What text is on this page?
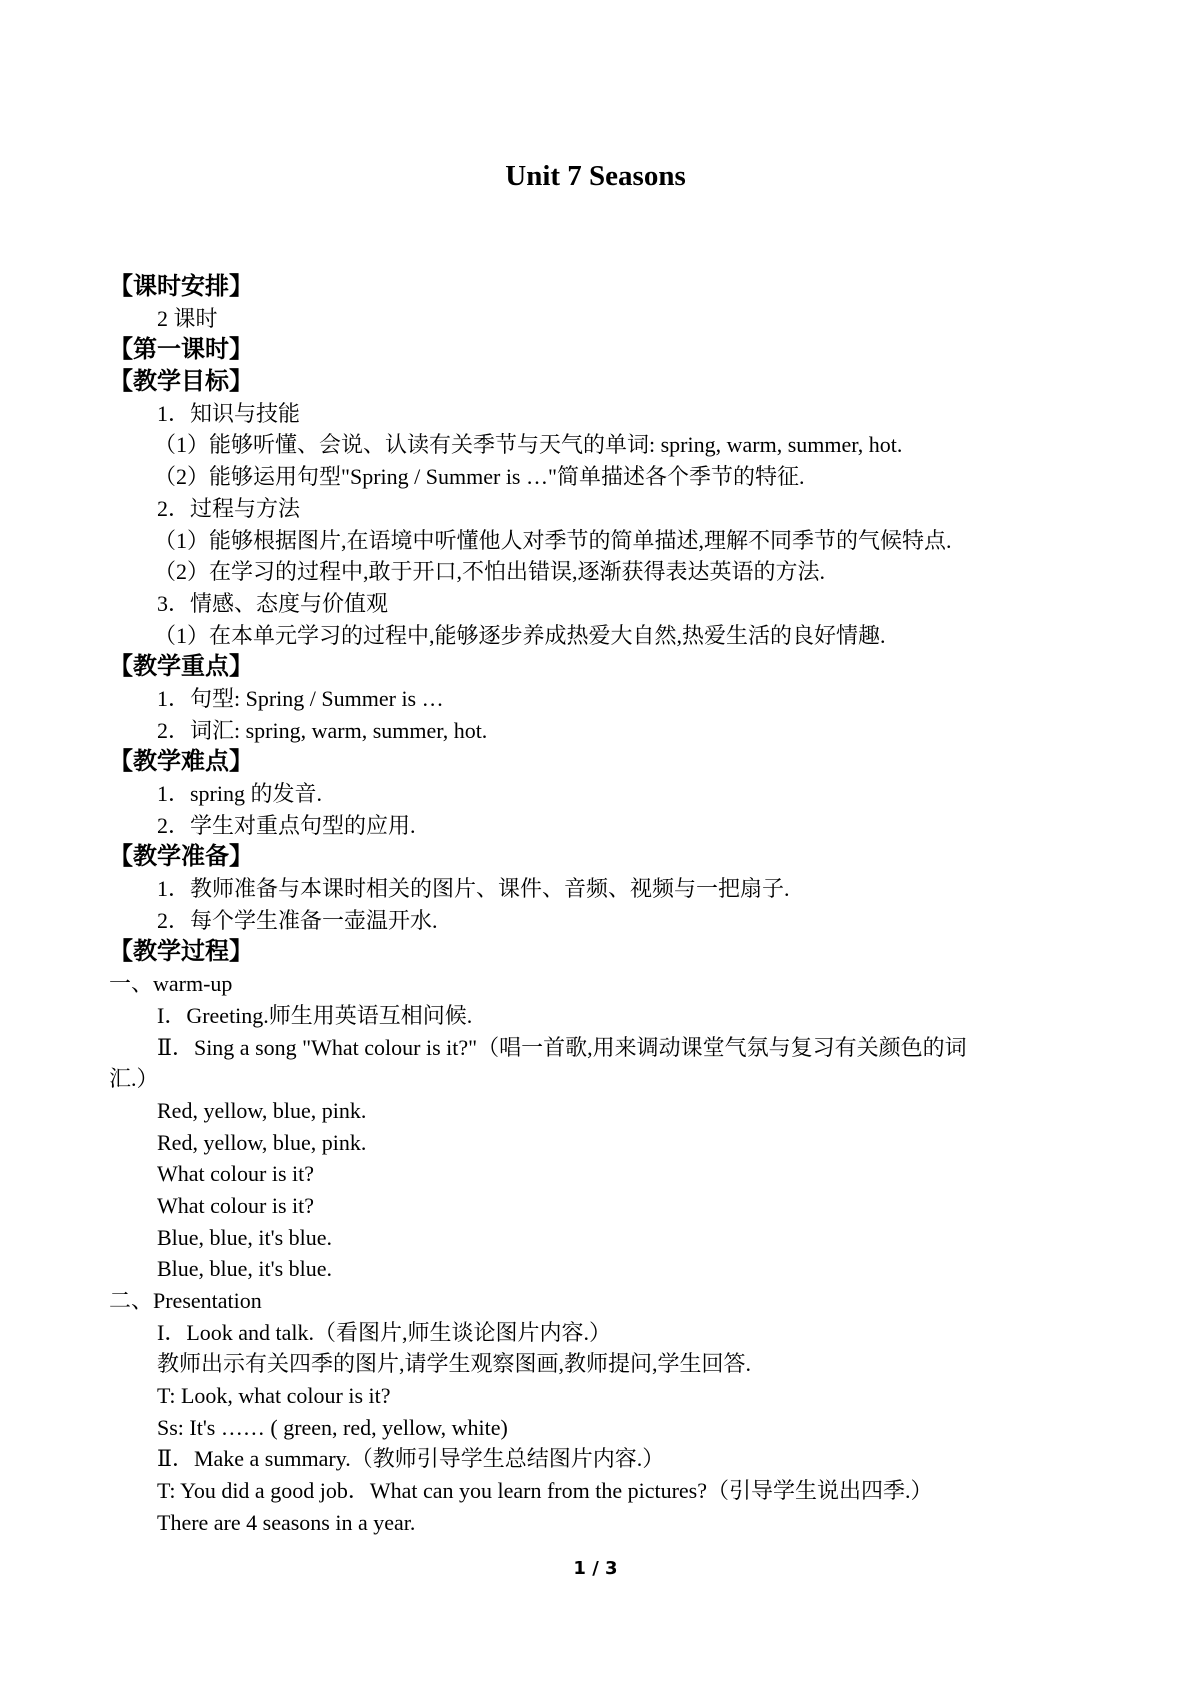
Unit 7 Seasons
【课时安排】
2 课时
【第一课时】
【教学目标】
1．知识与技能
（1）能够听懂、会说、认读有关季节与天气的单词: spring, warm, summer, hot.
（2）能够运用句型"Spring / Summer is …"简单描述各个季节的特征.
2．过程与方法
（1）能够根据图片,在语境中听懂他人对季节的简单描述,理解不同季节的气候特点.
（2）在学习的过程中,敢于开口,不怕出错误,逐渐获得表达英语的方法.
3．情感、态度与价值观
（1）在本单元学习的过程中,能够逐步养成热爱大自然,热爱生活的良好情趣.
【教学重点】
1．句型: Spring / Summer is …
2．词汇: spring, warm, summer, hot.
【教学难点】
1．spring 的发音.
2．学生对重点句型的应用.
【教学准备】
1．教师准备与本课时相关的图片、课件、音频、视频与一把扇子.
2．每个学生准备一壶温开水.
【教学过程】
一、warm-up
I．Greeting.师生用英语互相问候.
Ⅱ．Sing a song "What colour is it?"（唱一首歌,用来调动课堂气氛与复习有关颜色的词
汇.）
Red, yellow, blue, pink.
Red, yellow, blue, pink.
What colour is it?
What colour is it?
Blue, blue, it's blue.
Blue, blue, it's blue.
二、Presentation
I．Look and talk.（看图片,师生谈论图片内容.）
教师出示有关四季的图片,请学生观察图画,教师提问,学生回答.
T: Look, what colour is it?
Ss: It's …… ( green, red, yellow, white)
Ⅱ．Make a summary.（教师引导学生总结图片内容.）
T: You did a good job．What can you learn from the pictures?（引导学生说出四季.）
There are 4 seasons in a year.
1 / 3
